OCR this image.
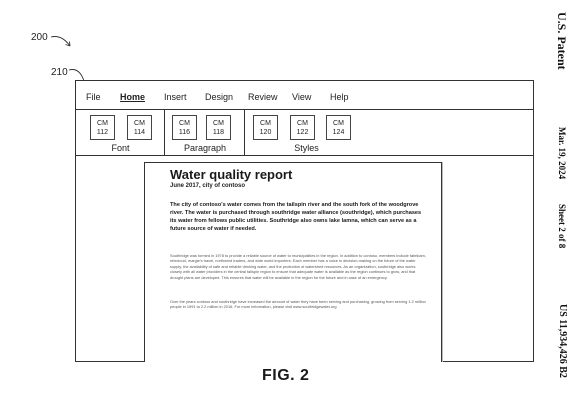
200
210
File Home Insert Design Review View Help
CM
112
CM
114
Font
CM
116
CM
118
Paragraph
CM
120
CM
122
CM
124
Styles
Water quality report
June 2017, city of contoso
The city of contoso's water comes from the tailspin river and the south fork of the woodgrove river. The water is purchased through southridge water alliance (southridge), which purchases its water from fellows public utilities. Southridge also owns lake lamna, which can serve as a future source of water if needed.
Southridge was formed in 1978 to provide a reliable source of water to municipalities in the region. In addition to contoso, members include fabrikam, relecloud, margie's travel, northwind traders, and wide world importers. Each member has a voice in decision-making on the future of the water supply, the availability of safe and reliable drinking water, and the protection of watershed resources. As an organization, southridge also works closely with all water providers in the central tailspin region to ensure that adequate water is available as the region continues to grow, and that drought plans are developed. This ensures that water will be available in the region for the future and in case of an emergency.
Over the years contoso and southridge have increased the amount of water they have been serving and purchasing, growing from serving 1.2 million people in 1991 to 2.2 million in 2016. For more information, please visit www.southridgewater.org
FIG. 2
U.S. Patent
Mar. 19, 2024
Sheet 2 of 8
US 11,934,426 B2
